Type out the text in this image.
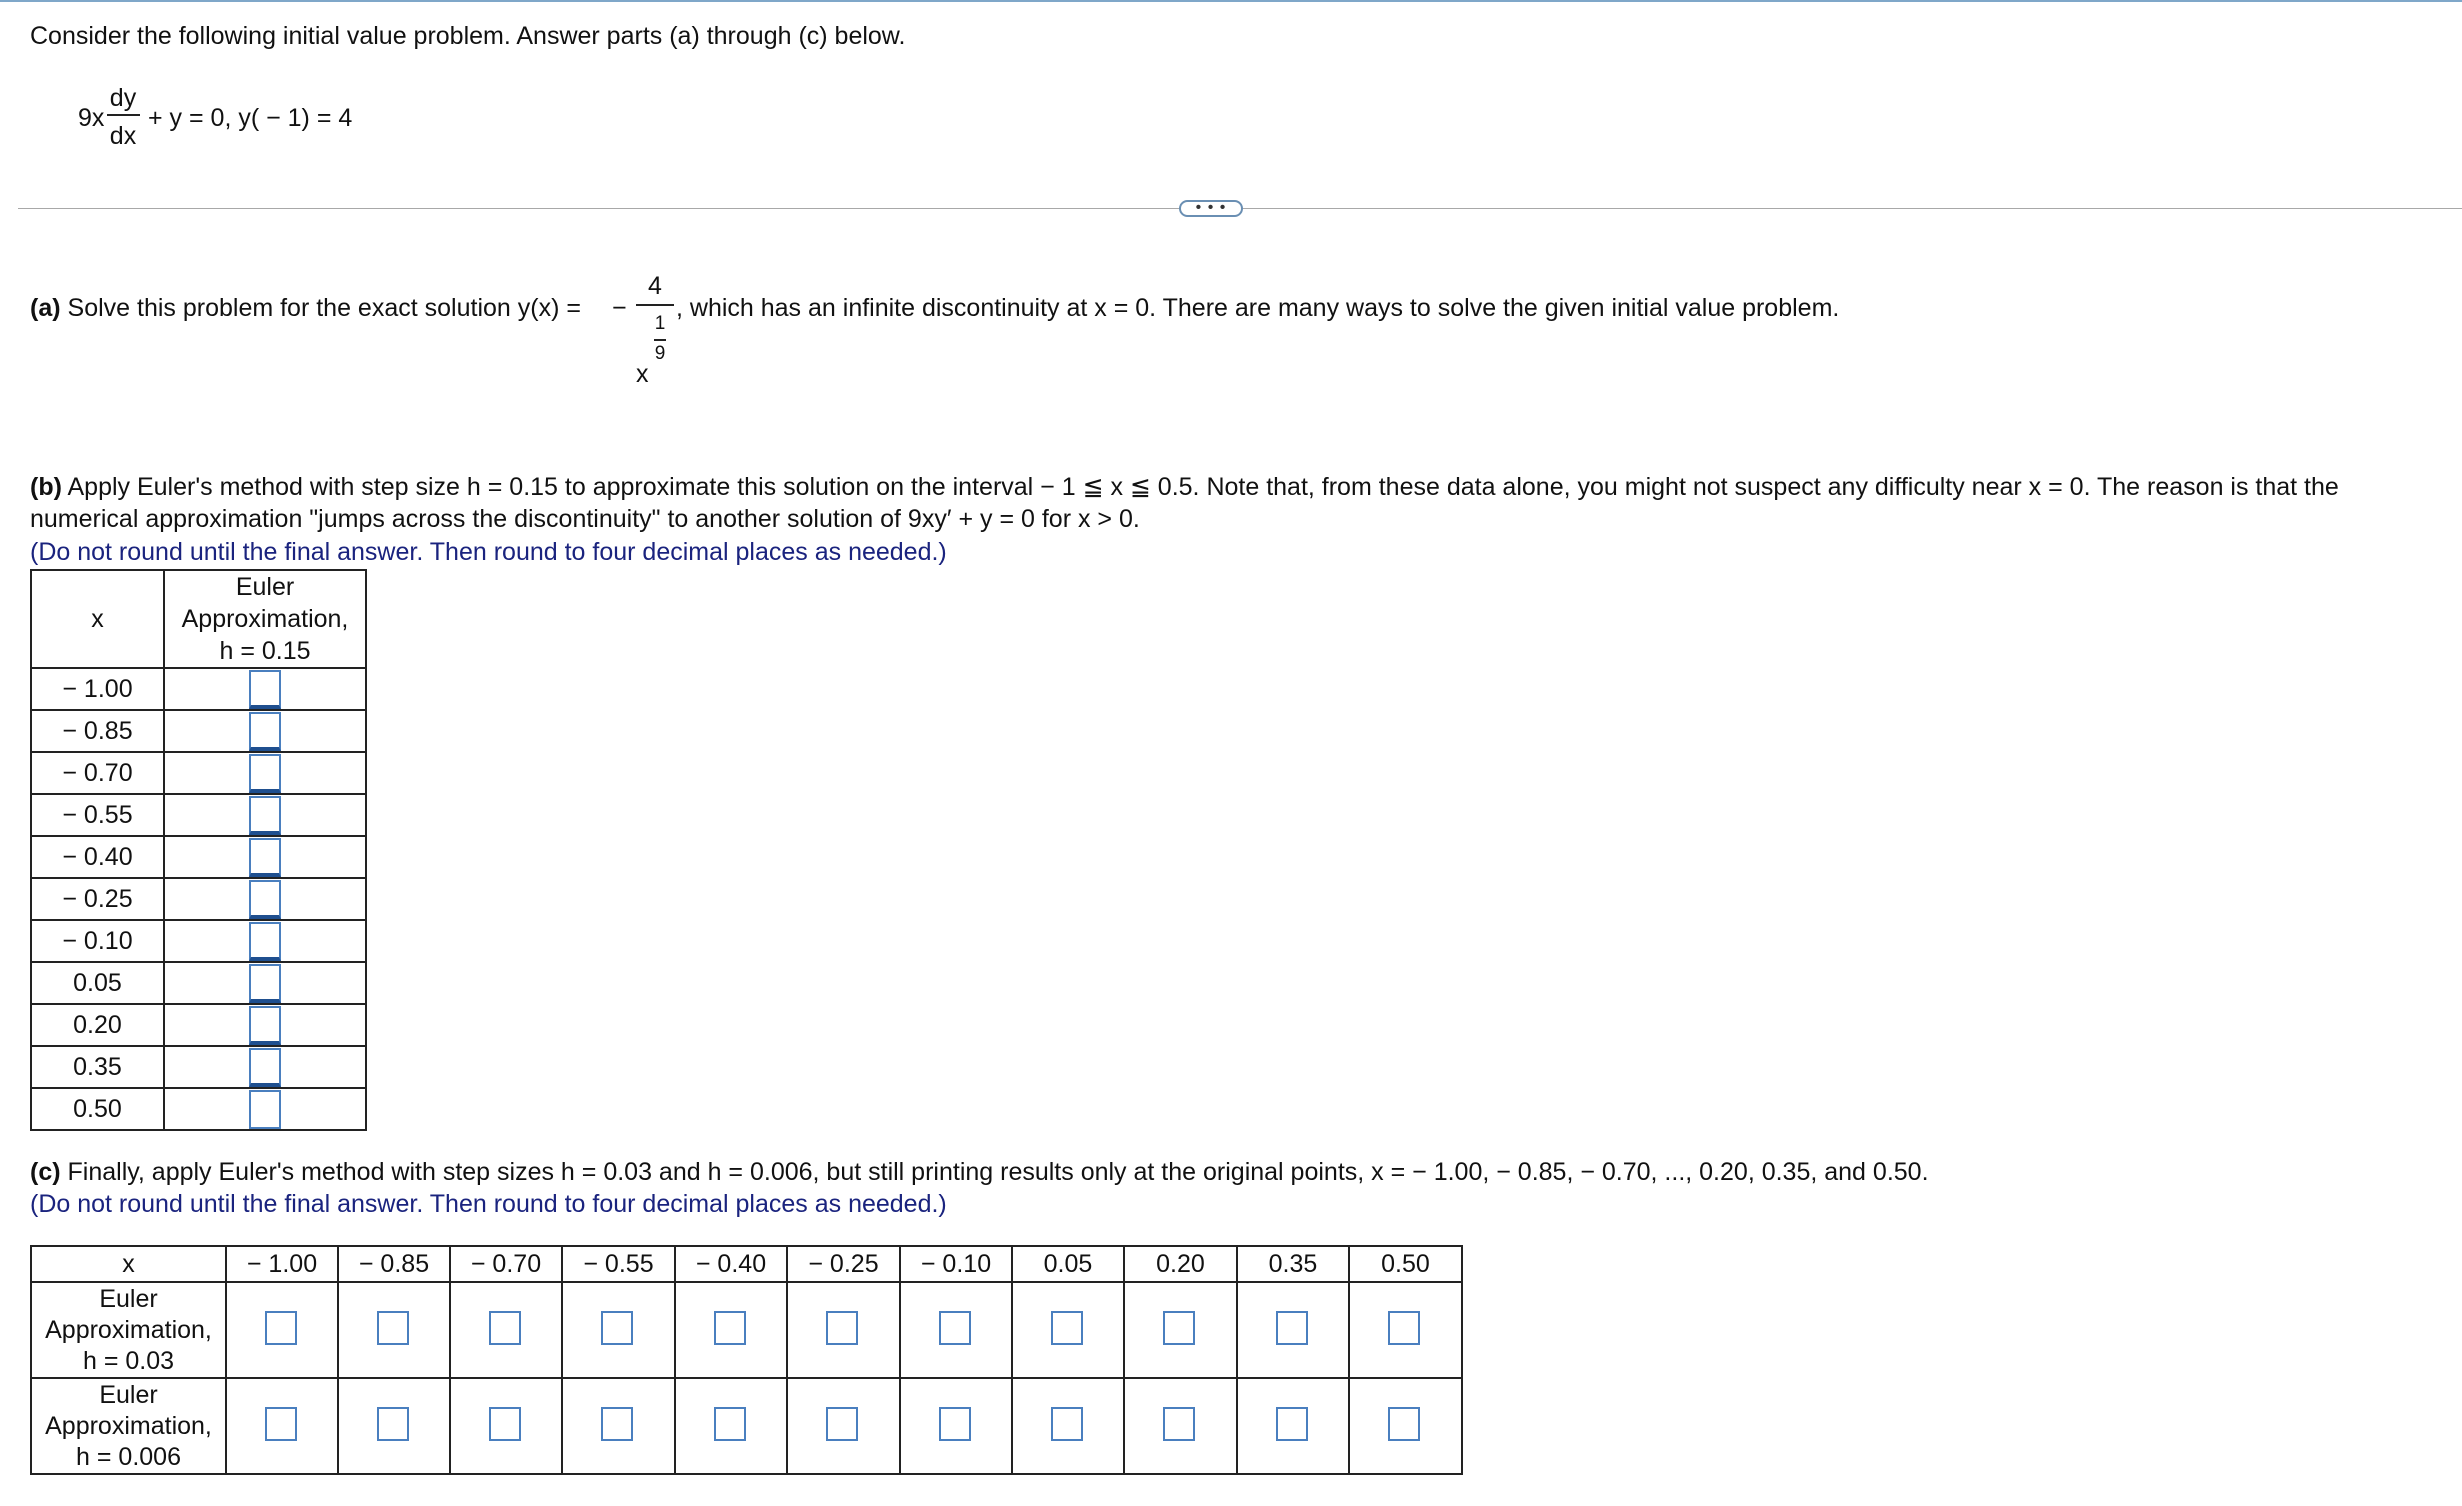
Consider the following initial value problem. Answer parts (a) through (c) below.
9x
dy
dx
+ y = 0, y( − 1) = 4
• • •
(a) Solve this problem for the exact solution y(x) = −
4
x
1
9
, which has an infinite discontinuity at x = 0. There are many ways to solve the given initial value problem.
(b) Apply Euler's method with step size h = 0.15 to approximate this solution on the interval − 1 ≦ x ≦ 0.5. Note that, from these data alone, you might not suspect any difficulty near x = 0. The reason is that the
numerical approximation "jumps across the discontinuity" to another solution of 9xy′ + y = 0 for x > 0.
(Do not round until the final answer. Then round to four decimal places as needed.)
x	Euler
Approximation,
h = 0.15

− 1.00	

− 0.85	

− 0.70	

− 0.55	

− 0.40	

− 0.25	

− 0.10	

0.05	

0.20	

0.35	

0.50	
(c) Finally, apply Euler's method with step sizes h = 0.03 and h = 0.006, but still printing results only at the original points, x = − 1.00, − 0.85, − 0.70, ..., 0.20, 0.35, and 0.50.
(Do not round until the final answer. Then round to four decimal places as needed.)
x	− 1.00	− 0.85	− 0.70	− 0.55	− 0.40	− 0.25	− 0.10	0.05	0.20	0.35	0.50

Euler
Approximation,
h = 0.03											

Euler
Approximation,
h = 0.006											
